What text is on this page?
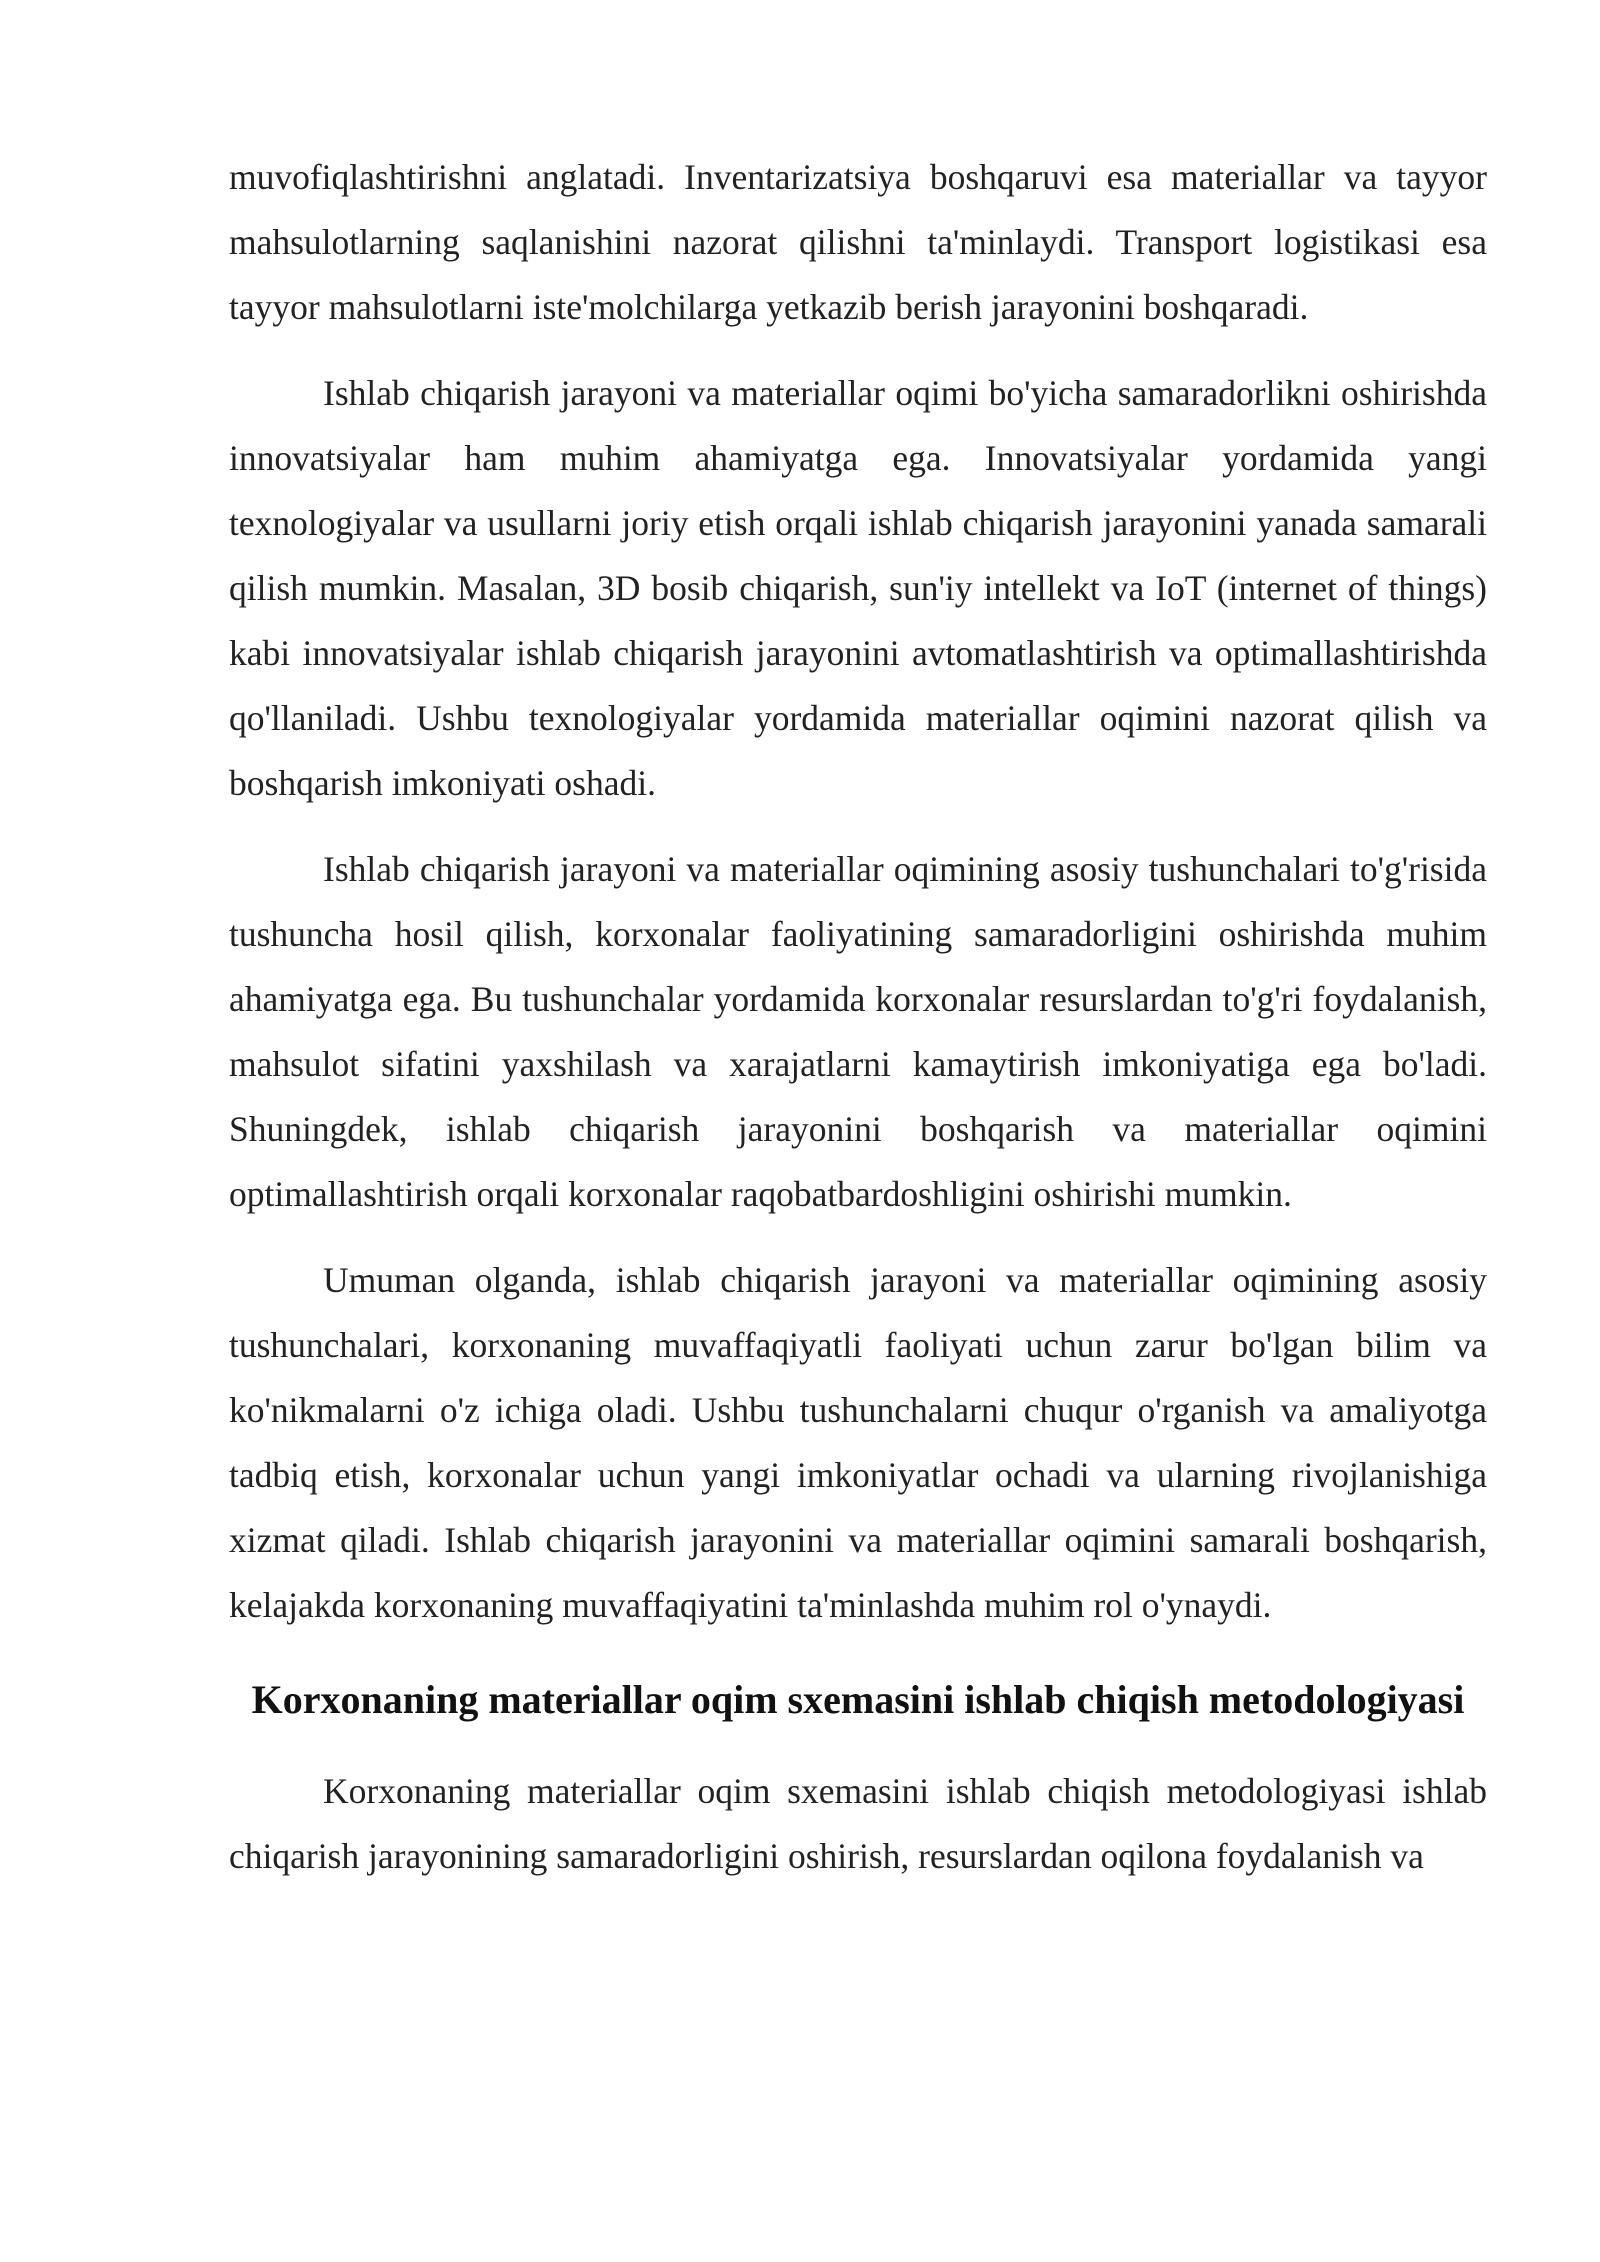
muvofiqlashtirishni anglatadi. Inventarizatsiya boshqaruvi esa materiallar va tayyor mahsulotlarning saqlanishini nazorat qilishni ta'minlaydi. Transport logistikasi esa tayyor mahsulotlarni iste'molchilarga yetkazib berish jarayonini boshqaradi.

Ishlab chiqarish jarayoni va materiallar oqimi bo'yicha samaradorlikni oshirishda innovatsiyalar ham muhim ahamiyatga ega. Innovatsiyalar yordamida yangi texnologiyalar va usullarni joriy etish orqali ishlab chiqarish jarayonini yanada samarali qilish mumkin. Masalan, 3D bosib chiqarish, sun'iy intellekt va IoT (internet of things) kabi innovatsiyalar ishlab chiqarish jarayonini avtomatlashtirish va optimallashtirishda qo'llaniladi. Ushbu texnologiyalar yordamida materiallar oqimini nazorat qilish va boshqarish imkoniyati oshadi.

Ishlab chiqarish jarayoni va materiallar oqimining asosiy tushunchalari to'g'risida tushuncha hosil qilish, korxonalar faoliyatining samaradorligini oshirishda muhim ahamiyatga ega. Bu tushunchalar yordamida korxonalar resurslardan to'g'ri foydalanish, mahsulot sifatini yaxshilash va xarajatlarni kamaytirish imkoniyatiga ega bo'ladi. Shuningdek, ishlab chiqarish jarayonini boshqarish va materiallar oqimini optimallashtirish orqali korxonalar raqobatbardoshligini oshirishi mumkin.

Umuman olganda, ishlab chiqarish jarayoni va materiallar oqimining asosiy tushunchalari, korxonaning muvaffaqiyatli faoliyati uchun zarur bo'lgan bilim va ko'nikmalarni o'z ichiga oladi. Ushbu tushunchalarni chuqur o'rganish va amaliyotga tadbiq etish, korxonalar uchun yangi imkoniyatlar ochadi va ularning rivojlanishiga xizmat qiladi. Ishlab chiqarish jarayonini va materiallar oqimini samarali boshqarish, kelajakda korxonaning muvaffaqiyatini ta'minlashda muhim rol o'ynaydi.

Korxonaning materiallar oqim sxemasini ishlab chiqish metodologiyasi

Korxonaning materiallar oqim sxemasini ishlab chiqish metodologiyasi ishlab chiqarish jarayonining samaradorligini oshirish, resurslardan oqilona foydalanish va
